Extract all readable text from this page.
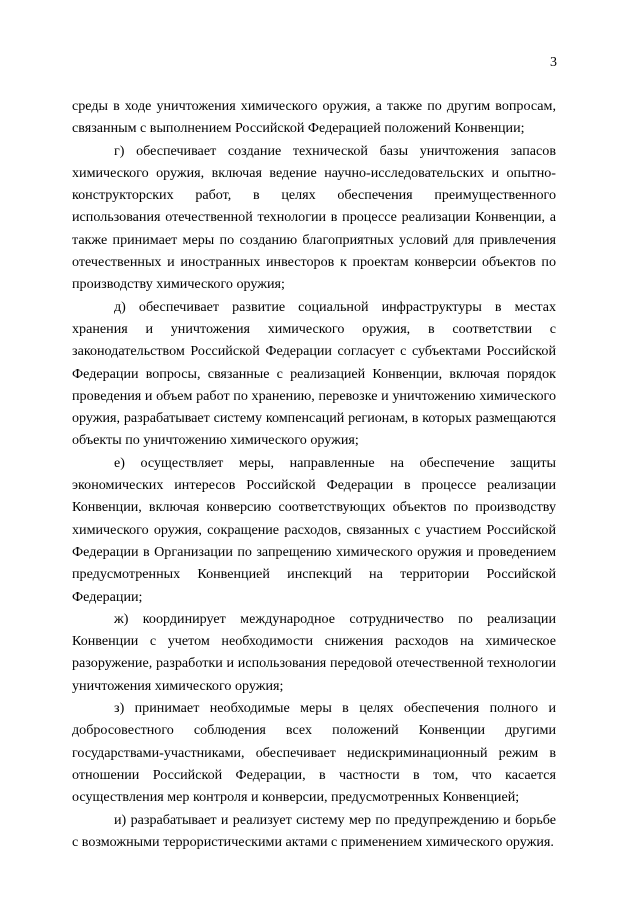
3

среды в ходе уничтожения химического оружия, а также по другим вопросам, связанным с выполнением Российской Федерацией положений Конвенции;

г) обеспечивает создание технической базы уничтожения запасов химического оружия, включая ведение научно-исследовательских и опытно-конструкторских работ, в целях обеспечения преимущественного использования отечественной технологии в процессе реализации Конвенции, а также принимает меры по созданию благоприятных условий для привлечения отечественных и иностранных инвесторов к проектам конверсии объектов по производству химического оружия;

д) обеспечивает развитие социальной инфраструктуры в местах хранения и уничтожения химического оружия, в соответствии с законодательством Российской Федерации согласует с субъектами Российской Федерации вопросы, связанные с реализацией Конвенции, включая порядок проведения и объем работ по хранению, перевозке и уничтожению химического оружия, разрабатывает систему компенсаций регионам, в которых размещаются объекты по уничтожению химического оружия;

е) осуществляет меры, направленные на обеспечение защиты экономических интересов Российской Федерации в процессе реализации Конвенции, включая конверсию соответствующих объектов по производству химического оружия, сокращение расходов, связанных с участием Российской Федерации в Организации по запрещению химического оружия и проведением предусмотренных Конвенцией инспекций на территории Российской Федерации;

ж) координирует международное сотрудничество по реализации Конвенции с учетом необходимости снижения расходов на химическое разоружение, разработки и использования передовой отечественной технологии уничтожения химического оружия;

з) принимает необходимые меры в целях обеспечения полного и добросовестного соблюдения всех положений Конвенции другими государствами-участниками, обеспечивает недискриминационный режим в отношении Российской Федерации, в частности в том, что касается осуществления мер контроля и конверсии, предусмотренных Конвенцией;

и) разрабатывает и реализует систему мер по предупреждению и борьбе с возможными террористическими актами с применением химического оружия.
